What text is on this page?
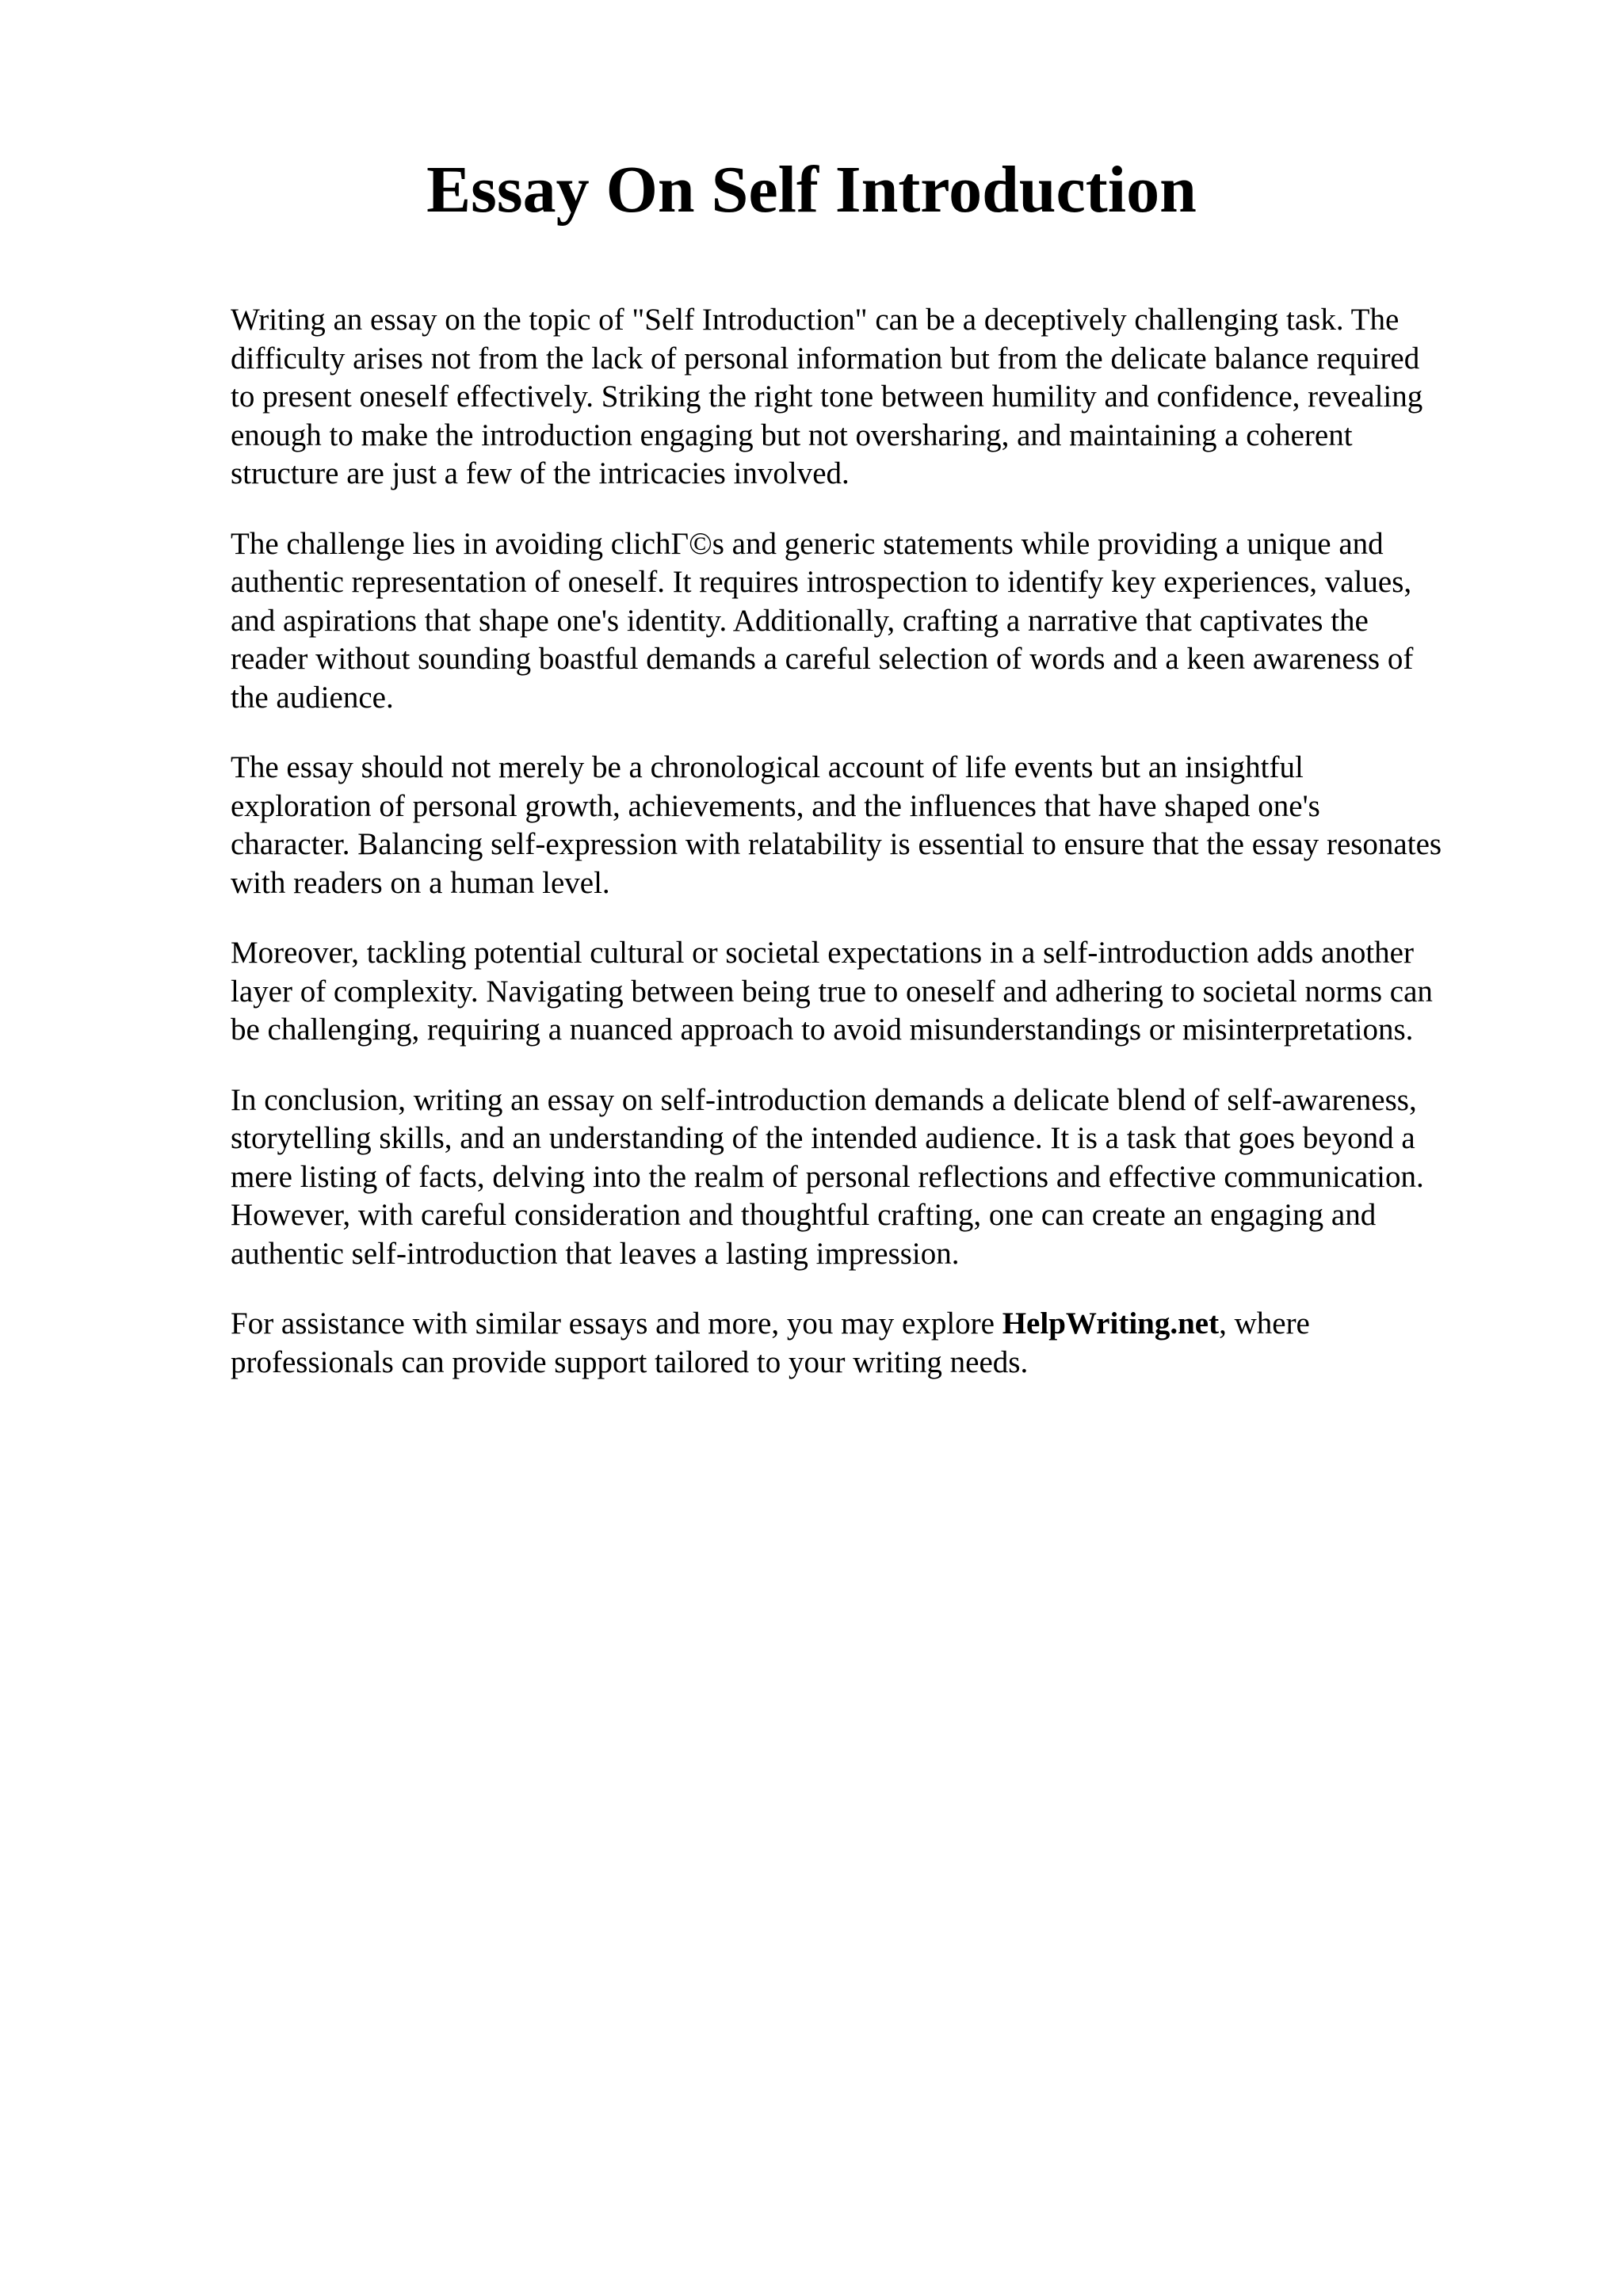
Essay On Self Introduction

Writing an essay on the topic of "Self Introduction" can be a deceptively challenging task. The
difficulty arises not from the lack of personal information but from the delicate balance required
to present oneself effectively. Striking the right tone between humility and confidence, revealing
enough to make the introduction engaging but not oversharing, and maintaining a coherent
structure are just a few of the intricacies involved.

The challenge lies in avoiding clichΓ©s and generic statements while providing a unique and
authentic representation of oneself. It requires introspection to identify key experiences, values,
and aspirations that shape one's identity. Additionally, crafting a narrative that captivates the
reader without sounding boastful demands a careful selection of words and a keen awareness of
the audience.

The essay should not merely be a chronological account of life events but an insightful
exploration of personal growth, achievements, and the influences that have shaped one's
character. Balancing self-expression with relatability is essential to ensure that the essay resonates
with readers on a human level.

Moreover, tackling potential cultural or societal expectations in a self-introduction adds another
layer of complexity. Navigating between being true to oneself and adhering to societal norms can
be challenging, requiring a nuanced approach to avoid misunderstandings or misinterpretations.

In conclusion, writing an essay on self-introduction demands a delicate blend of self-awareness,
storytelling skills, and an understanding of the intended audience. It is a task that goes beyond a
mere listing of facts, delving into the realm of personal reflections and effective communication.
However, with careful consideration and thoughtful crafting, one can create an engaging and
authentic self-introduction that leaves a lasting impression.

For assistance with similar essays and more, you may explore HelpWriting.net, where
professionals can provide support tailored to your writing needs.
